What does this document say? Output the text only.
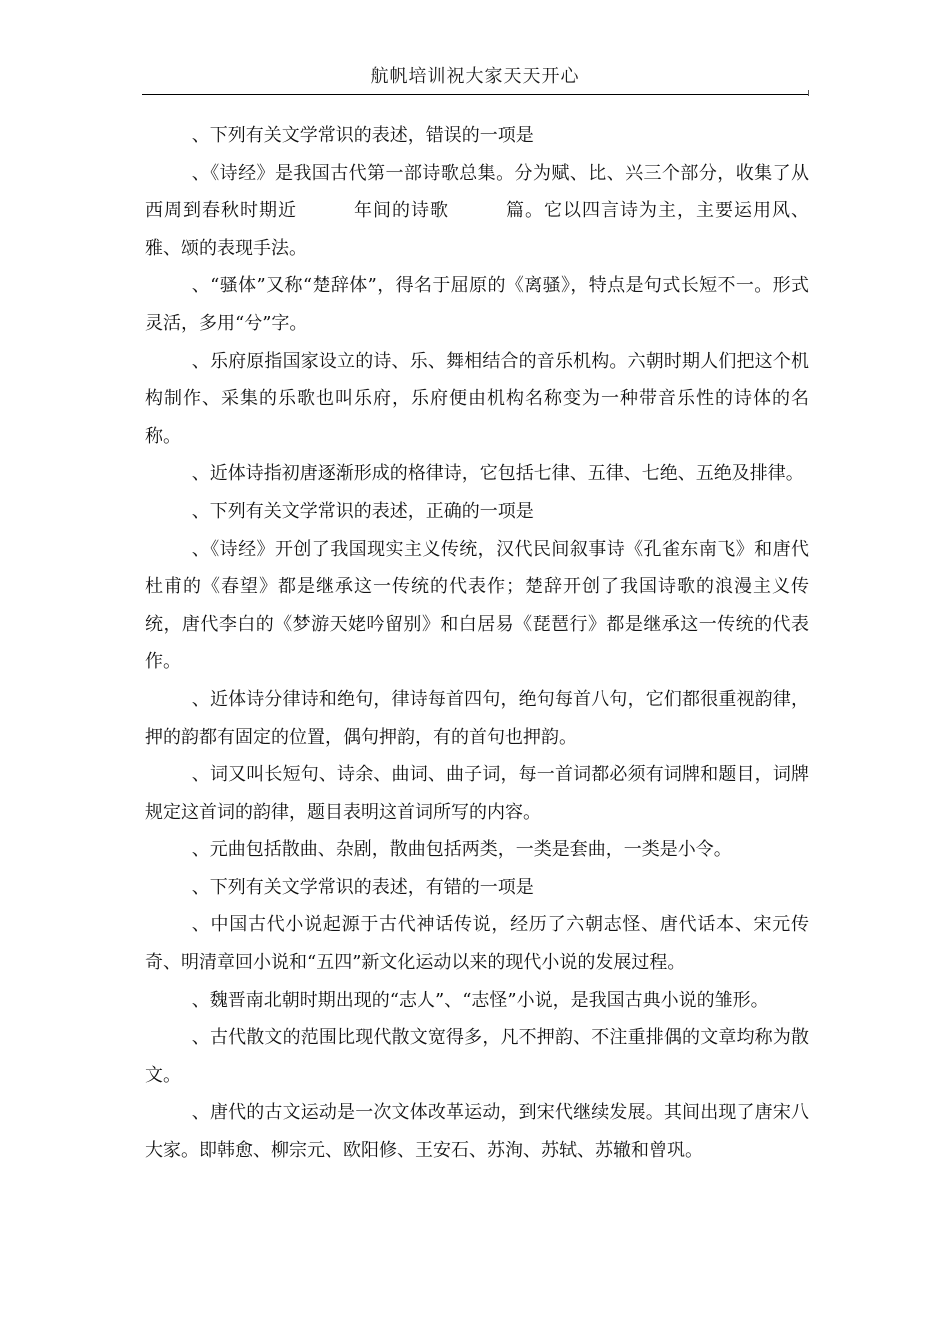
航帆培训祝大家天天开心

、下列有关文学常识的表述，错误的一项是

、《诗经》是我国古代第一部诗歌总集。分为赋、比、兴三个部分，收集了从西周到春秋时期近　　　年间的诗歌　　　篇。它以四言诗为主，主要运用风、雅、颂的表现手法。

、“骚体”又称“楚辞体”，得名于屈原的《离骚》，特点是句式长短不一。形式灵活，多用“兮”字。

、乐府原指国家设立的诗、乐、舞相结合的音乐机构。六朝时期人们把这个机构制作、采集的乐歌也叫乐府，乐府便由机构名称变为一种带音乐性的诗体的名称。

、近体诗指初唐逐渐形成的格律诗，它包括七律、五律、七绝、五绝及排律。

、下列有关文学常识的表述，正确的一项是

、《诗经》开创了我国现实主义传统，汉代民间叙事诗《孔雀东南飞》和唐代杜甫的《春望》都是继承这一传统的代表作；楚辞开创了我国诗歌的浪漫主义传统，唐代李白的《梦游天姥吟留别》和白居易《琵琶行》都是继承这一传统的代表作。

、近体诗分律诗和绝句，律诗每首四句，绝句每首八句，它们都很重视韵律，押的韵都有固定的位置，偶句押韵，有的首句也押韵。

、词又叫长短句、诗余、曲词、曲子词，每一首词都必须有词牌和题目，词牌规定这首词的韵律，题目表明这首词所写的内容。

、元曲包括散曲、杂剧，散曲包括两类，一类是套曲，一类是小令。

、下列有关文学常识的表述，有错的一项是

、中国古代小说起源于古代神话传说，经历了六朝志怪、唐代话本、宋元传奇、明清章回小说和“五四”新文化运动以来的现代小说的发展过程。

、魏晋南北朝时期出现的“志人”、“志怪”小说，是我国古典小说的雏形。

、古代散文的范围比现代散文宽得多，凡不押韵、不注重排偶的文章均称为散文。

、唐代的古文运动是一次文体改革运动，到宋代继续发展。其间出现了唐宋八大家。即韩愈、柳宗元、欧阳修、王安石、苏洵、苏轼、苏辙和曾巩。
